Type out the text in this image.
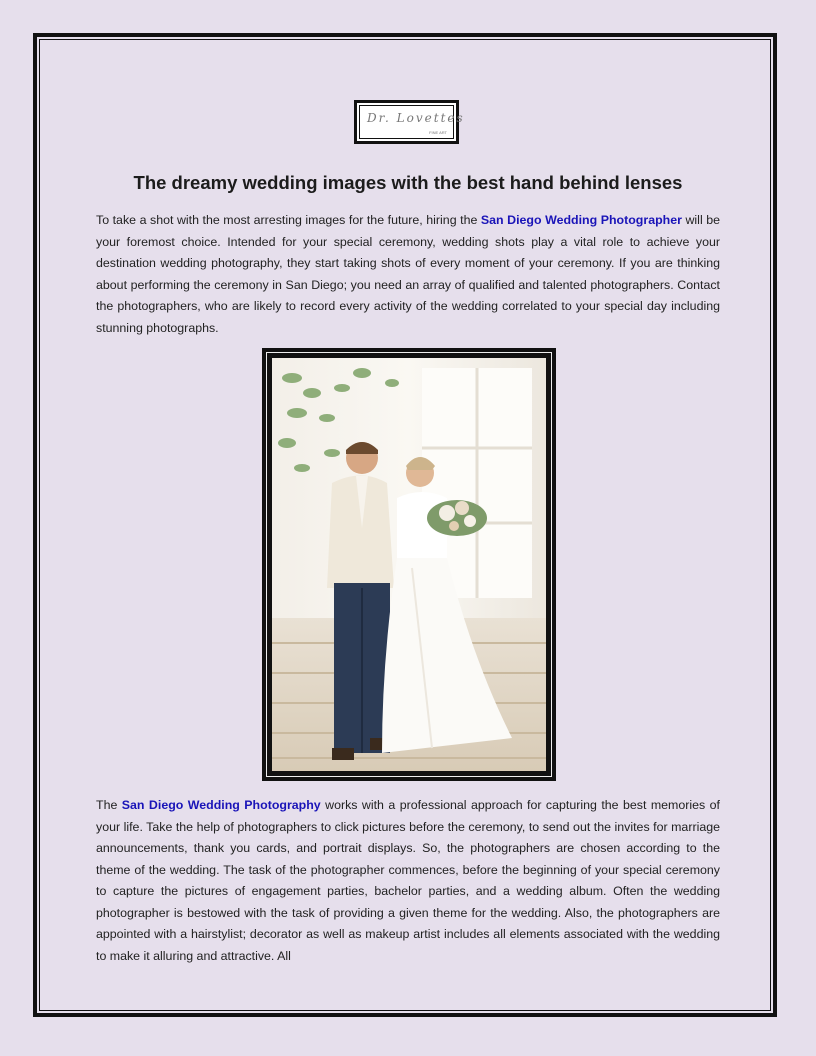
Dr. Lovettes
FINE ART
The dreamy wedding images with the best hand behind lenses

To take a shot with the most arresting images for the future, hiring the San Diego Wedding Photographer will be your foremost choice. Intended for your special ceremony, wedding shots play a vital role to achieve your destination wedding photography, they start taking shots of every moment of your ceremony. If you are thinking about performing the ceremony in San Diego; you need an array of qualified and talented photographers. Contact the photographers, who are likely to record every activity of the wedding correlated to your special day including stunning photographs.

The San Diego Wedding Photography works with a professional approach for capturing the best memories of your life. Take the help of photographers to click pictures before the ceremony, to send out the invites for marriage announcements, thank you cards, and portrait displays. So, the photographers are chosen according to the theme of the wedding. The task of the photographer commences, before the beginning of your special ceremony to capture the pictures of engagement parties, bachelor parties, and a wedding album. Often the wedding photographer is bestowed with the task of providing a given theme for the wedding. Also, the photographers are appointed with a hairstylist; decorator as well as makeup artist includes all elements associated with the wedding to make it alluring and attractive. All
